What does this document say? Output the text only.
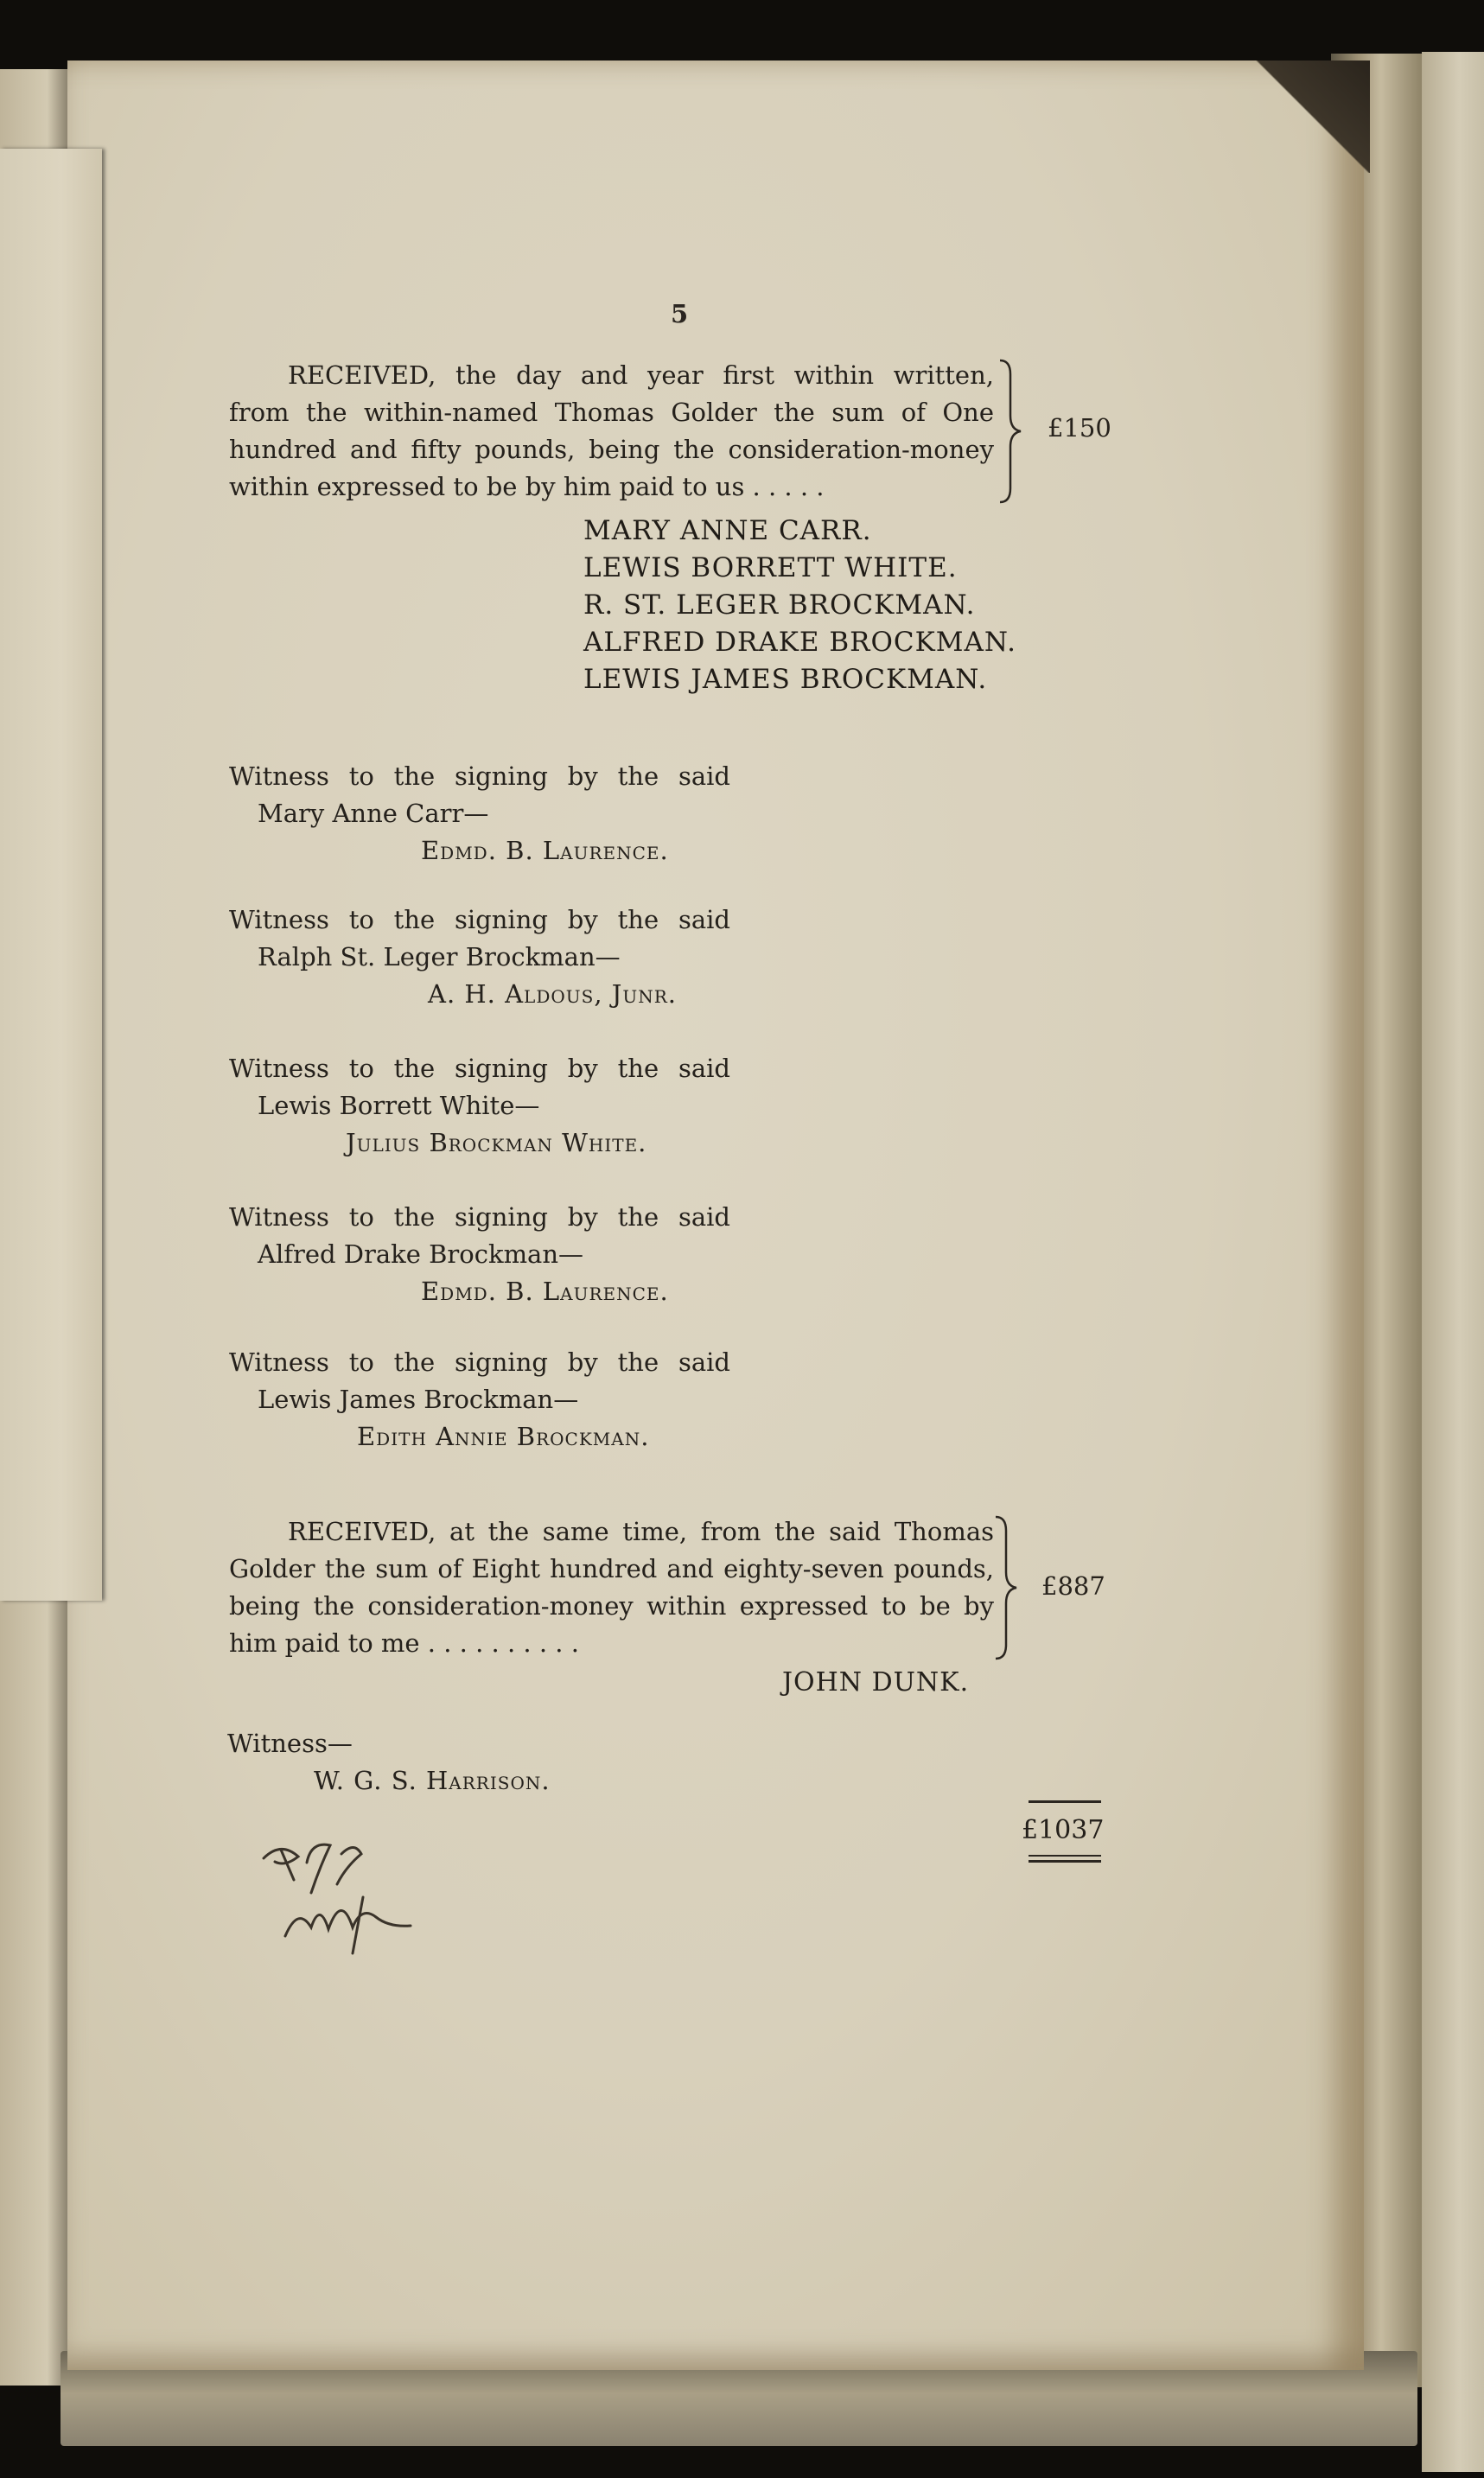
5

RECEIVED, the day and year first within written,

from the within-named Thomas Golder the sum of One

hundred and fifty pounds, being the consideration-money

within expressed to be by him paid to us . . . . .

£150
MARY ANNE CARR.
LEWIS BORRETT WHITE.
R. ST. LEGER BROCKMAN.
ALFRED DRAKE BROCKMAN.
LEWIS JAMES BROCKMAN.
Witness to the signing by the said
Mary Anne Carr—
Edmd. B. Laurence.
Witness to the signing by the said
Ralph St. Leger Brockman—
A. H. Aldous, Junr.
Witness to the signing by the said
Lewis Borrett White—
Julius Brockman White.
Witness to the signing by the said
Alfred Drake Brockman—
Edmd. B. Laurence.
Witness to the signing by the said
Lewis James Brockman—
Edith Annie Brockman.

RECEIVED, at the same time, from the said Thomas

Golder the sum of Eight hundred and eighty-seven pounds,

being the consideration-money within expressed to be by

him paid to me . . . . . . . . . .

£887
JOHN DUNK.
Witness—
W. G. S. Harrison.
£1037
